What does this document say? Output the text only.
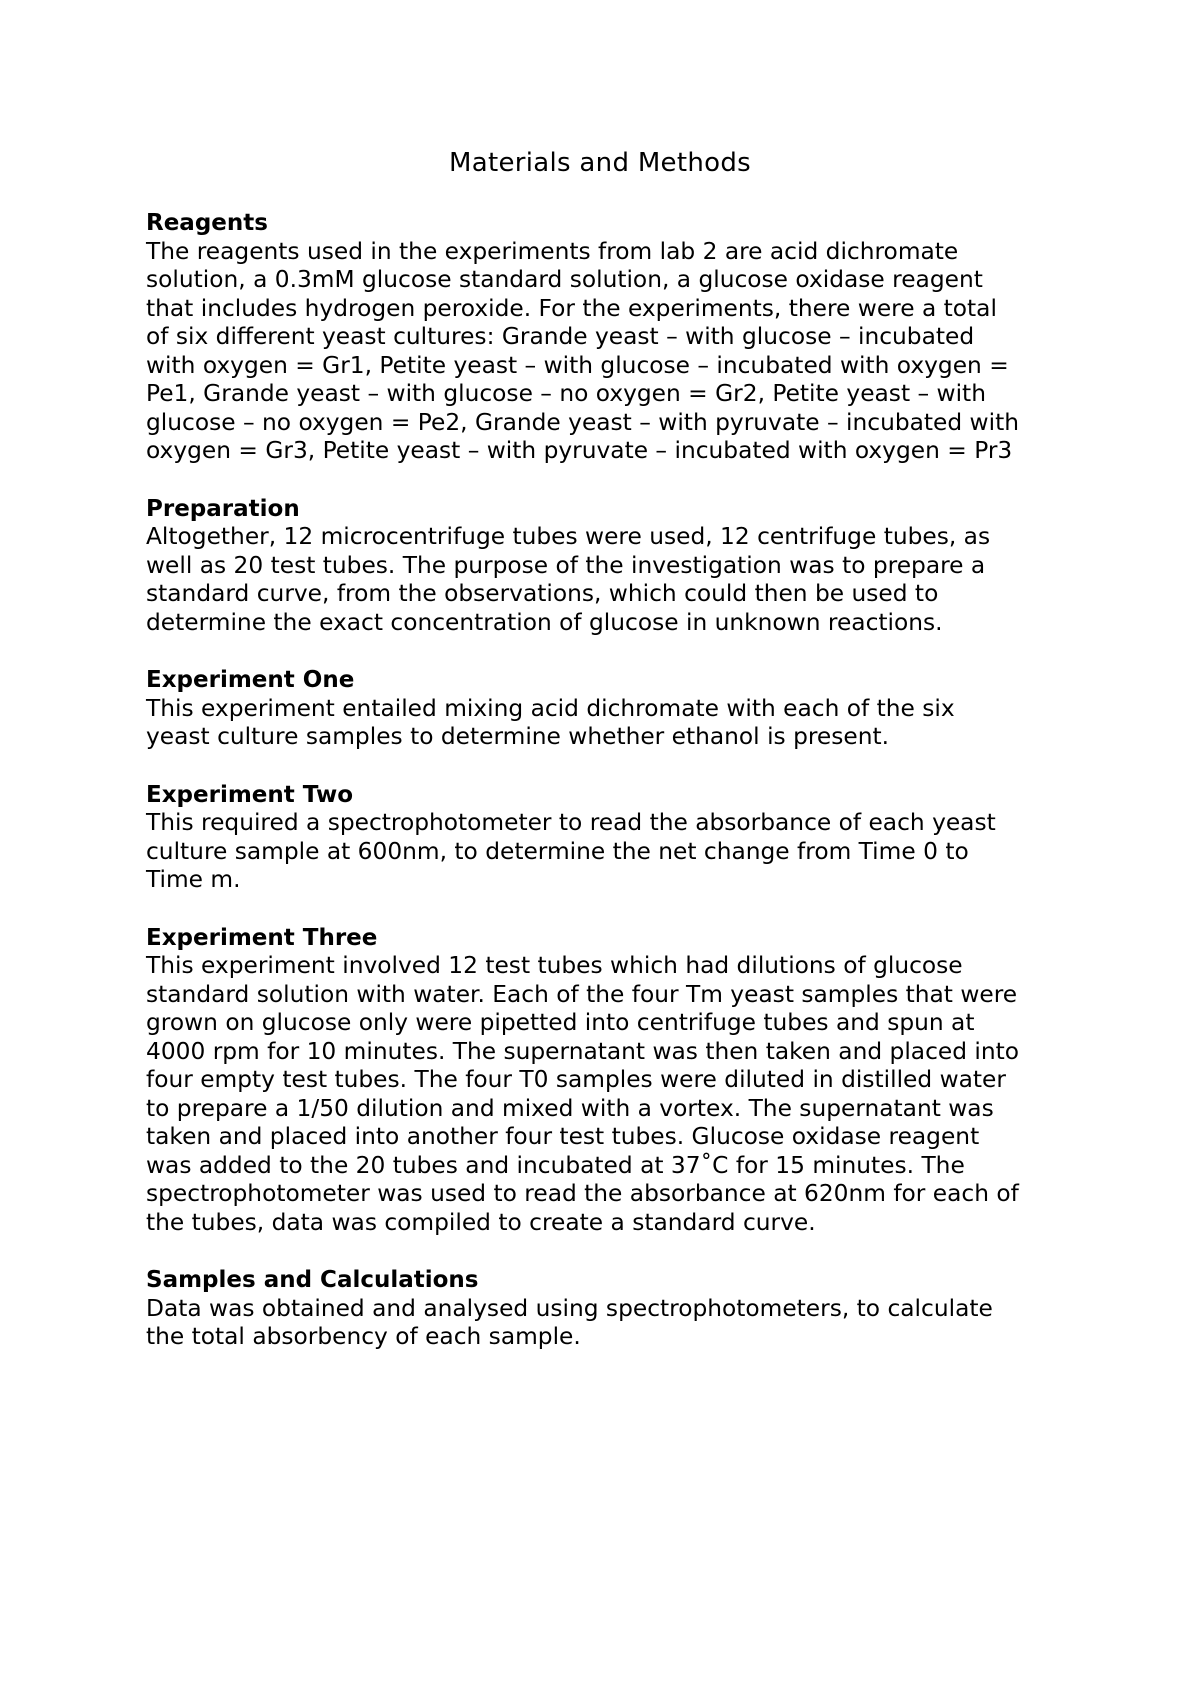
Materials and Methods

Reagents

The reagents used in the experiments from lab 2 are acid dichromate
solution, a 0.3mM glucose standard solution, a glucose oxidase reagent
that includes hydrogen peroxide. For the experiments, there were a total
of six different yeast cultures: Grande yeast – with glucose – incubated
with oxygen = Gr1, Petite yeast – with glucose – incubated with oxygen =
Pe1, Grande yeast – with glucose – no oxygen = Gr2, Petite yeast – with
glucose – no oxygen = Pe2, Grande yeast – with pyruvate – incubated with
oxygen = Gr3, Petite yeast – with pyruvate – incubated with oxygen = Pr3

Preparation

Altogether, 12 microcentrifuge tubes were used, 12 centrifuge tubes, as
well as 20 test tubes. The purpose of the investigation was to prepare a
standard curve, from the observations, which could then be used to
determine the exact concentration of glucose in unknown reactions.

Experiment One

This experiment entailed mixing acid dichromate with each of the six
yeast culture samples to determine whether ethanol is present.

Experiment Two

This required a spectrophotometer to read the absorbance of each yeast
culture sample at 600nm, to determine the net change from Time 0 to
Time m.

Experiment Three

This experiment involved 12 test tubes which had dilutions of glucose
standard solution with water. Each of the four Tm yeast samples that were
grown on glucose only were pipetted into centrifuge tubes and spun at
4000 rpm for 10 minutes. The supernatant was then taken and placed into
four empty test tubes. The four T0 samples were diluted in distilled water
to prepare a 1/50 dilution and mixed with a vortex. The supernatant was
taken and placed into another four test tubes. Glucose oxidase reagent
was added to the 20 tubes and incubated at 37˚C for 15 minutes. The
spectrophotometer was used to read the absorbance at 620nm for each of
the tubes, data was compiled to create a standard curve.

Samples and Calculations

Data was obtained and analysed using spectrophotometers, to calculate
the total absorbency of each sample.
